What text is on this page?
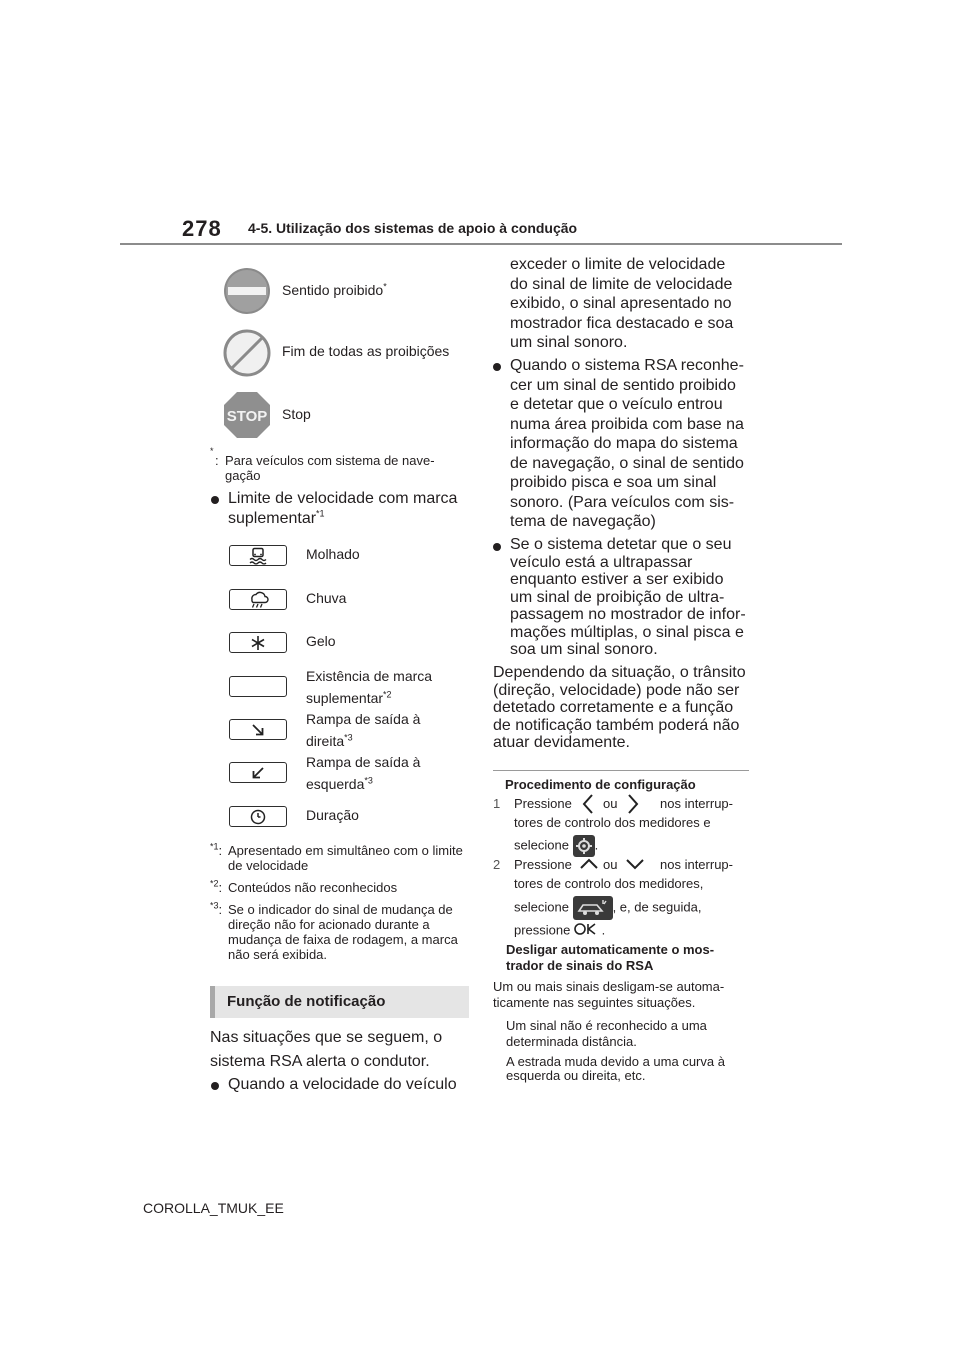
278 4-5. Utilização dos sistemas de apoio à condução
Sentido proibido*
Fim de todas as proibições
STOP Stop
*
: Para veículos com sistema de nave-gação
Limite de velocidade com marca suplementar$^{*1}$
Molhado
Chuva
Gelo
Existência de marca
suplementar$^{*2}$
Rampa de saída à
direita$^{*3}$
Rampa de saída à
esquerda$^{*3}$
Duração
$^{*1}$: Apresentado em simultâneo com o limite de velocidade
$^{*2}$: Conteúdos não reconhecidos
$^{*3}$: Se o indicador do sinal de mudança de direção não for acionado durante a mudança de faixa de rodagem, a marca não será exibida.
Função de notificação
Nas situações que se seguem, o
sistema RSA alerta o condutor.
Quando a velocidade do veículo
exceder o limite de velocidade
do sinal de limite de velocidade
exibido, o sinal apresentado no
mostrador fica destacado e soa
um sinal sonoro.
Quando o sistema RSA reconhe-
cer um sinal de sentido proibido
e detetar que o veículo entrou
numa área proibida com base na
informação do mapa do sistema
de navegação, o sinal de sentido
proibido pisca e soa um sinal
sonoro. (Para veículos com sis-
tema de navegação)
Se o sistema detetar que o seu
veículo está a ultrapassar
enquanto estiver a ser exibido
um sinal de proibição de ultra-
passagem no mostrador de infor-
mações múltiplas, o sinal pisca e
soa um sinal sonoro.
Dependendo da situação, o trânsito
(direção, velocidade) pode não ser
detetado corretamente e a função
de notificação também poderá não
atuar devidamente.
Procedimento de configuração
1 Pressione ou	nos interrup-
tores de controlo dos medidores e
selecione .
2 Pressione ou	nos interrup-
tores de controlo dos medidores,
selecione	, e, de seguida,
pressione .
Desligar automaticamente o mos-
trador de sinais do RSA
Um ou mais sinais desligam-se automa-
ticamente nas seguintes situações.
Um sinal não é reconhecido a uma
determinada distância.
A estrada muda devido a uma curva à
esquerda ou direita, etc.
COROLLA_TMUK_EE
